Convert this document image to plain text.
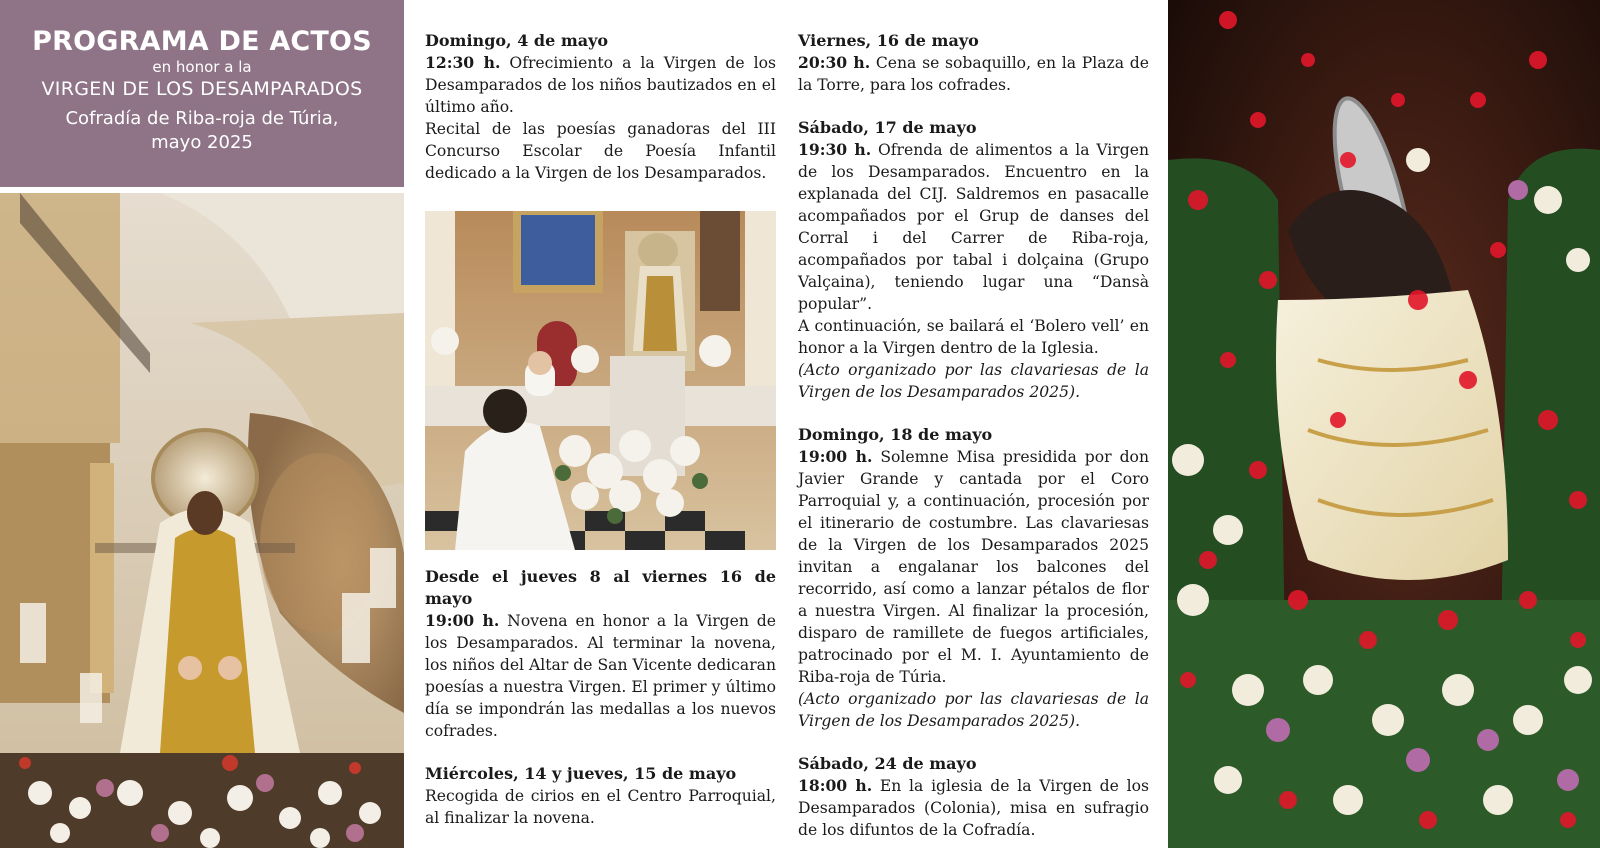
PROGRAMA DE ACTOS
en honor a la
VIRGEN DE LOS DESAMPARADOS
Cofradía de Riba-roja de Túria,
mayo 2025
Domingo, 4 de mayo
12:30 h. Ofrecimiento a la Virgen de los Desamparados de los niños bautizados en el último año.
Recital de las poesías ganadoras del III Concurso Escolar de Poesía Infantil dedicado a la Virgen de los Desamparados.
Desde el jueves 8 al viernes 16 de mayo
19:00 h. Novena en honor a la Virgen de los Desamparados. Al terminar la novena, los niños del Altar de San Vicente dedicaran poesías a nuestra Virgen. El primer y último día se impondrán las medallas a los nuevos cofrades.
Miércoles, 14 y jueves, 15 de mayo
Recogida de cirios en el Centro Parroquial, al finalizar la novena.
Viernes, 16 de mayo
20:30 h. Cena se sobaquillo, en la Plaza de la Torre, para los cofrades.
Sábado, 17 de mayo
19:30 h. Ofrenda de alimentos a la Virgen de los Desamparados. Encuentro en la explanada del CIJ. Saldremos en pasacalle acompañados por el Grup de danses del Corral i del Carrer de Riba-roja, acompañados por tabal i dolçaina (Grupo Valçaina), teniendo lugar una “Dansà popular”.
A continuación, se bailará el ‘Bolero vell’ en honor a la Virgen dentro de la Iglesia.
(Acto organizado por las clavariesas de la Virgen de los Desamparados 2025).
Domingo, 18 de mayo
19:00 h. Solemne Misa presidida por don Javier Grande y cantada por el Coro Parroquial y, a continuación, procesión por el itinerario de costumbre. Las clavariesas de la Virgen de los Desamparados 2025 invitan a engalanar los balcones del recorrido, así como a lanzar pétalos de flor a nuestra Virgen. Al finalizar la procesión, disparo de ramillete de fuegos artificiales, patrocinado por el M. I. Ayuntamiento de Riba-roja de Túria.
(Acto organizado por las clavariesas de la Virgen de los Desamparados 2025).
Sábado, 24 de mayo
18:00 h. En la iglesia de la Virgen de los Desamparados (Colonia), misa en sufragio de los difuntos de la Cofradía.
